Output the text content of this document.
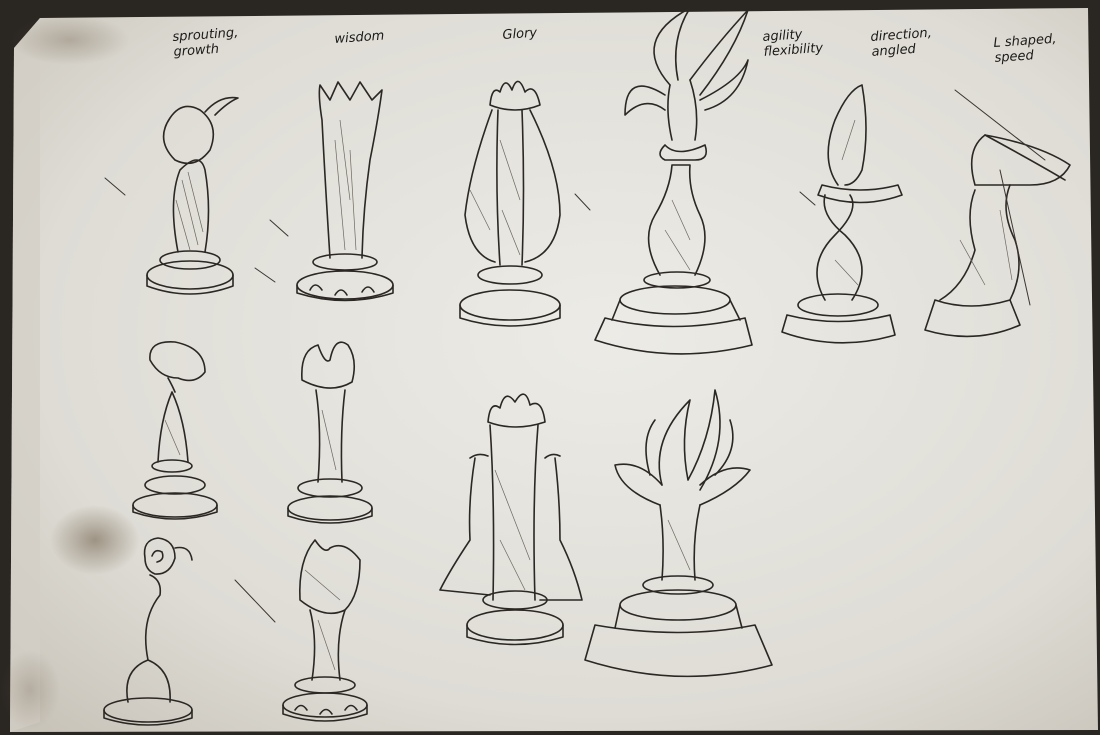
sprouting,
growth
wisdom	Glory	agility
flexibility
direction,
angled	L shaped,
speed
